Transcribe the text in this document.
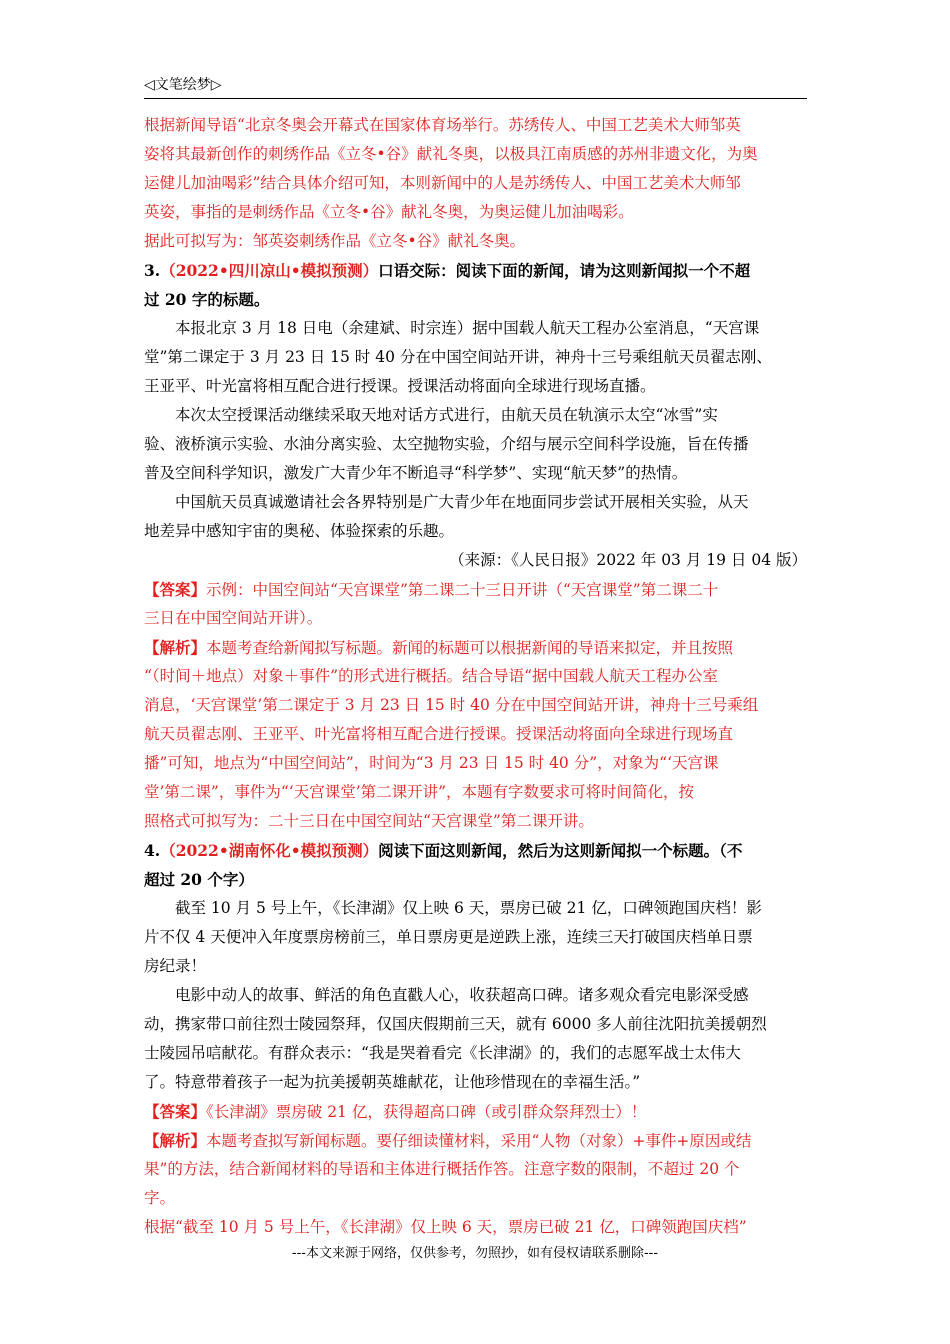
◁文笔绘梦▷
根据新闻导语“北京冬奥会开幕式在国家体育场举行。苏绣传人、中国工艺美术大师邹英
姿将其最新创作的刺绣作品《立冬•谷》献礼冬奥，以极具江南质感的苏州非遗文化，为奥
运健儿加油喝彩”结合具体介绍可知，本则新闻中的人是苏绣传人、中国工艺美术大师邹
英姿，事指的是刺绣作品《立冬•谷》献礼冬奥，为奥运健儿加油喝彩。
据此可拟写为：邹英姿刺绣作品《立冬•谷》献礼冬奥。
3.（2022•四川凉山•模拟预测）口语交际：阅读下面的新闻，请为这则新闻拟一个不超
过 20 字的标题。
本报北京 3 月 18 日电（余建斌、时宗连）据中国载人航天工程办公室消息，“天宫课
堂”第二课定于 3 月 23 日 15 时 40 分在中国空间站开讲，神舟十三号乘组航天员翟志刚、
王亚平、叶光富将相互配合进行授课。授课活动将面向全球进行现场直播。
本次太空授课活动继续采取天地对话方式进行，由航天员在轨演示太空“冰雪”实
验、液桥演示实验、水油分离实验、太空抛物实验，介绍与展示空间科学设施，旨在传播
普及空间科学知识，激发广大青少年不断追寻“科学梦”、实现“航天梦”的热情。
中国航天员真诚邀请社会各界特别是广大青少年在地面同步尝试开展相关实验，从天
地差异中感知宇宙的奥秘、体验探索的乐趣。
（来源：《人民日报》2022 年 03 月 19 日 04 版）
【答案】示例：中国空间站“天宫课堂”第二课二十三日开讲（“天宫课堂”第二课二十
三日在中国空间站开讲）。
【解析】本题考查给新闻拟写标题。新闻的标题可以根据新闻的导语来拟定，并且按照
“（时间＋地点）对象＋事件”的形式进行概括。结合导语“据中国载人航天工程办公室
消息，‘天宫课堂’第二课定于 3 月 23 日 15 时 40 分在中国空间站开讲，神舟十三号乘组
航天员翟志刚、王亚平、叶光富将相互配合进行授课。授课活动将面向全球进行现场直
播”可知，地点为“中国空间站”，时间为“3 月 23 日 15 时 40 分”，对象为“‘天宫课
堂’第二课”，事件为“‘天宫课堂’第二课开讲”，本题有字数要求可将时间简化，按
照格式可拟写为：二十三日在中国空间站“天宫课堂”第二课开讲。
4.（2022•湖南怀化•模拟预测）阅读下面这则新闻，然后为这则新闻拟一个标题。（不
超过 20 个字）
截至 10 月 5 号上午，《长津湖》仅上映 6 天，票房已破 21 亿，口碑领跑国庆档！影
片不仅 4 天便冲入年度票房榜前三，单日票房更是逆跌上涨，连续三天打破国庆档单日票
房纪录！
电影中动人的故事、鲜活的角色直戳人心，收获超高口碑。诸多观众看完电影深受感
动，携家带口前往烈士陵园祭拜，仅国庆假期前三天，就有 6000 多人前往沈阳抗美援朝烈
士陵园吊唁献花。有群众表示：“我是哭着看完《长津湖》的，我们的志愿军战士太伟大
了。特意带着孩子一起为抗美援朝英雄献花，让他珍惜现在的幸福生活。”
【答案】《长津湖》票房破 21 亿，获得超高口碑（或引群众祭拜烈士）！
【解析】本题考查拟写新闻标题。要仔细读懂材料，采用“人物（对象）+事件+原因或结
果”的方法，结合新闻材料的导语和主体进行概括作答。注意字数的限制，不超过 20 个
字。
根据“截至 10 月 5 号上午，《长津湖》仅上映 6 天，票房已破 21 亿，口碑领跑国庆档”
---本文来源于网络，仅供参考，勿照抄，如有侵权请联系删除---
